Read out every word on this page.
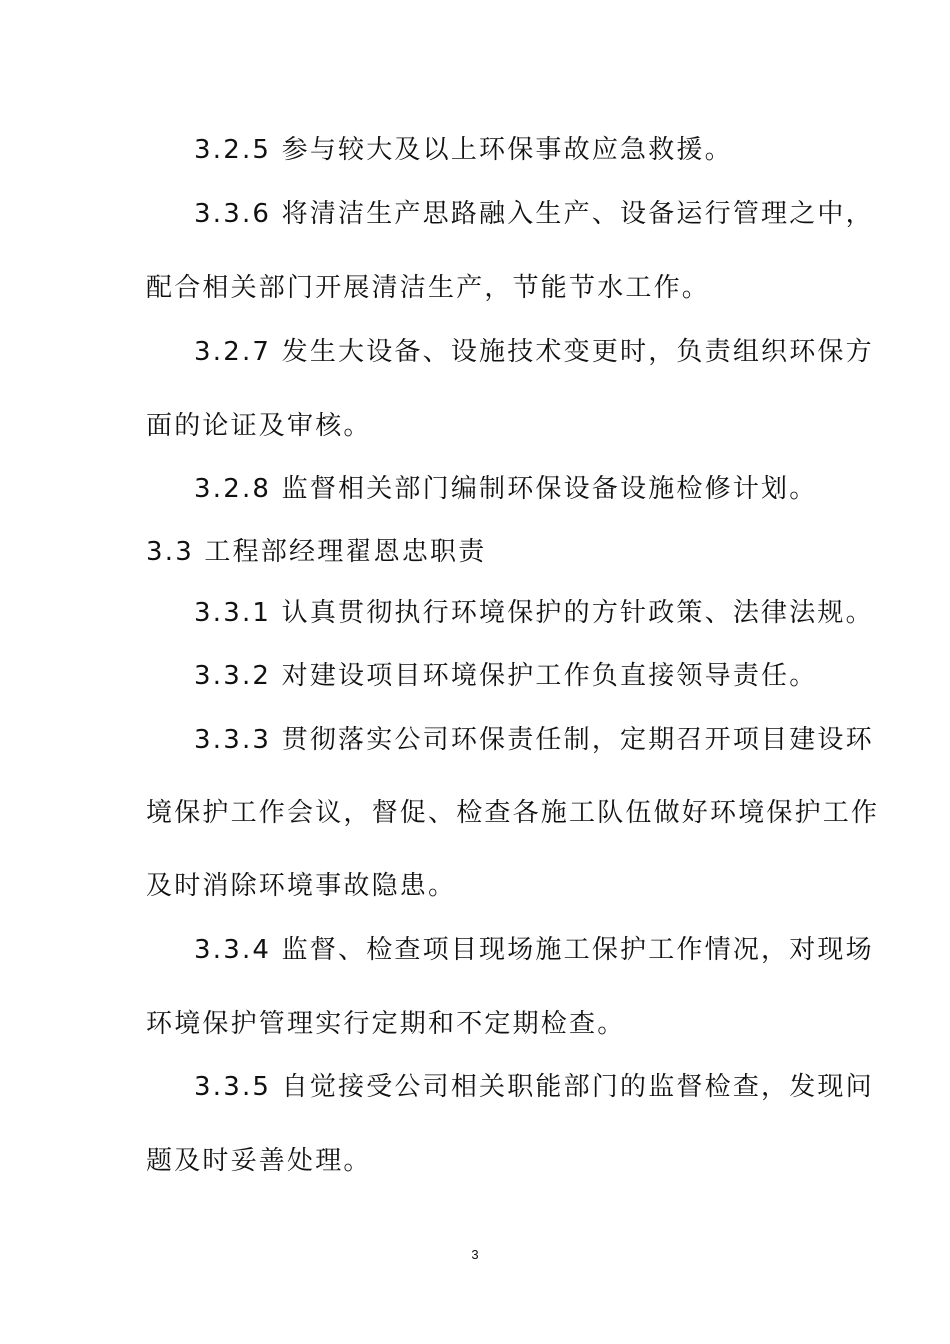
3.2.5 参与较大及以上环保事故应急救援。
3.3.6 将清洁生产思路融入生产、设备运行管理之中，
配合相关部门开展清洁生产，节能节水工作。
3.2.7 发生大设备、设施技术变更时，负责组织环保方
面的论证及审核。
3.2.8 监督相关部门编制环保设备设施检修计划。
3.3 工程部经理翟恩忠职责
3.3.1 认真贯彻执行环境保护的方针政策、法律法规。
3.3.2 对建设项目环境保护工作负直接领导责任。
3.3.3 贯彻落实公司环保责任制，定期召开项目建设环
境保护工作会议，督促、检查各施工队伍做好环境保护工作
及时消除环境事故隐患。
3.3.4 监督、检查项目现场施工保护工作情况，对现场
环境保护管理实行定期和不定期检查。
3.3.5 自觉接受公司相关职能部门的监督检查，发现问
题及时妥善处理。
3
